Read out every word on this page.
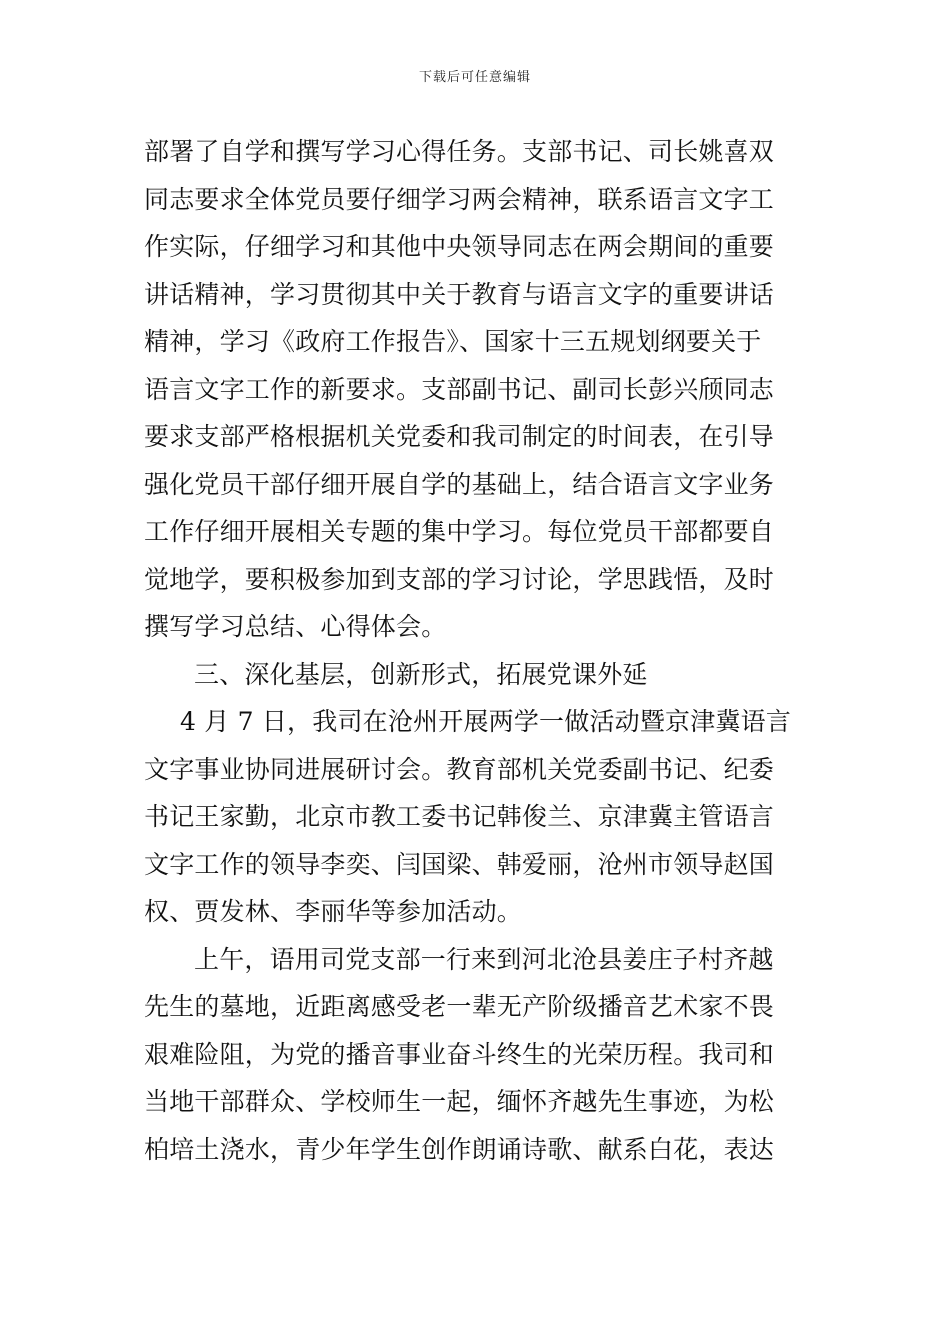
下载后可任意编辑
部署了自学和撰写学习心得任务。支部书记、司长姚喜双
同志要求全体党员要仔细学习两会精神，联系语言文字工
作实际，仔细学习和其他中央领导同志在两会期间的重要
讲话精神，学习贯彻其中关于教育与语言文字的重要讲话
精神，学习《政府工作报告》、国家十三五规划纲要关于
语言文字工作的新要求。支部副书记、副司长彭兴颀同志
要求支部严格根据机关党委和我司制定的时间表，在引导
强化党员干部仔细开展自学的基础上，结合语言文字业务
工作仔细开展相关专题的集中学习。每位党员干部都要自
觉地学，要积极参加到支部的学习讨论，学思践悟，及时
撰写学习总结、心得体会。
三、深化基层，创新形式，拓展党课外延
4 月 7 日，我司在沧州开展两学一做活动暨京津冀语言
文字事业协同进展研讨会。教育部机关党委副书记、纪委
书记王家勤，北京市教工委书记韩俊兰、京津冀主管语言
文字工作的领导李奕、闫国梁、韩爱丽，沧州市领导赵国
权、贾发林、李丽华等参加活动。
上午，语用司党支部一行来到河北沧县姜庄子村齐越
先生的墓地，近距离感受老一辈无产阶级播音艺术家不畏
艰难险阻，为党的播音事业奋斗终生的光荣历程。我司和
当地干部群众、学校师生一起，缅怀齐越先生事迹，为松
柏培土浇水，青少年学生创作朗诵诗歌、献系白花，表达
